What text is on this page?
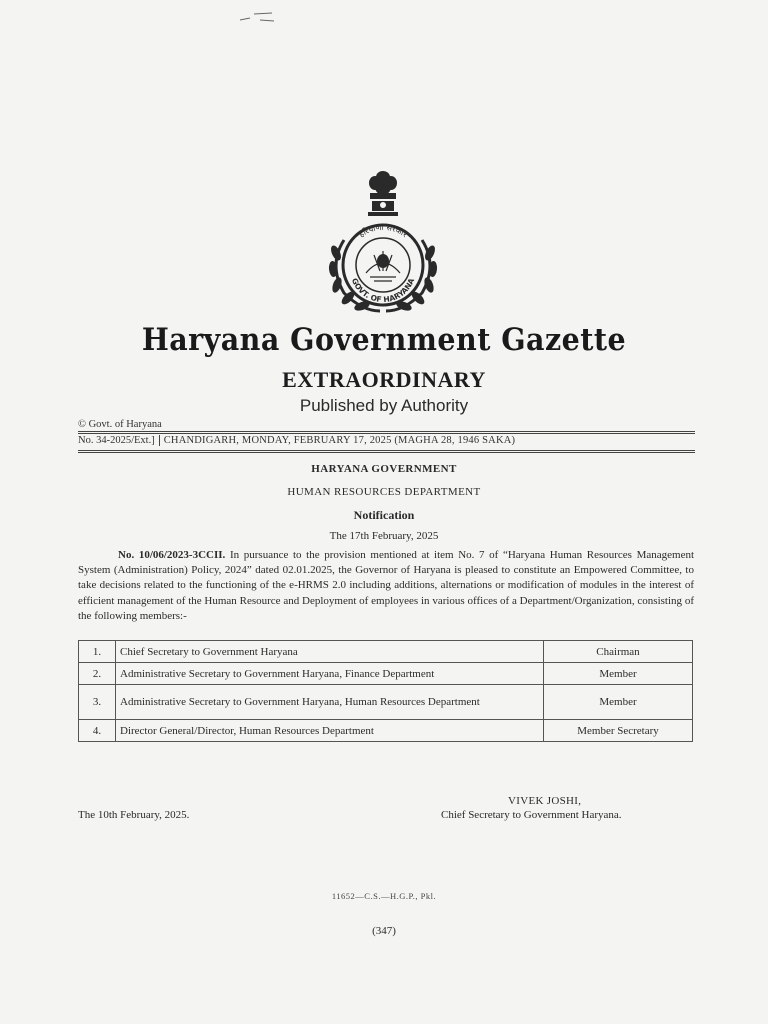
हरियाणा सरकार
GOVT. OF HARYANA
Haryana Government Gazette
EXTRAORDINARY
Published by Authority
© Govt. of Haryana
No. 34-2025/Ext.] CHANDIGARH, MONDAY, FEBRUARY 17, 2025 (MAGHA 28, 1946 SAKA)
HARYANA GOVERNMENT
HUMAN RESOURCES DEPARTMENT
Notification
The 17th February, 2025
No. 10/06/2023-3CCII. In pursuance to the provision mentioned at item No. 7 of “Haryana Human Resources Management System (Administration) Policy, 2024” dated 02.01.2025, the Governor of Haryana is pleased to constitute an Empowered Committee, to take decisions related to the functioning of the e-HRMS 2.0 including additions, alternations or modification of modules in the interest of efficient management of the Human Resource and Deployment of employees in various offices of a Department/Organization, consisting of the following members:-
1.	Chief Secretary to Government Haryana	Chairman
2.	Administrative Secretary to Government Haryana, Finance Department	Member
3.	Administrative Secretary to Government Haryana, Human Resources Department	Member
4.	Director General/Director, Human Resources Department	Member Secretary
VIVEK JOSHI,
Chief Secretary to Government Haryana.
The 10th February, 2025.
11652—C.S.—H.G.P., Pkl.
(347)
